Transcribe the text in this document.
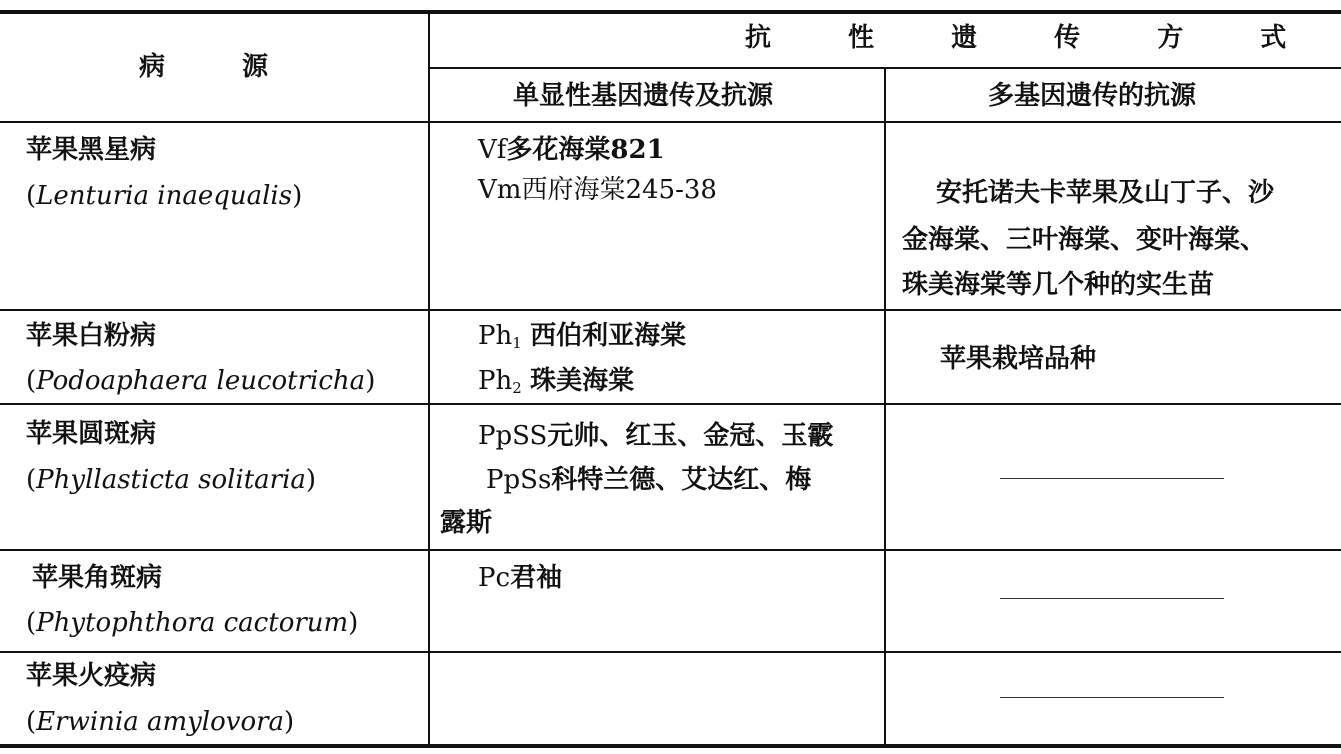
病 源
抗 性 遗 传 方 式
单显性基因遗传及抗源	多基因遗传的抗源
苹果黑星病
(Lenturia inaequalis)
Vf多花海棠821
Vm西府海棠245-38	安托诺夫卡苹果及山丁子、沙
金海棠、三叶海棠、变叶海棠、
珠美海棠等几个种的实生苗
苹果白粉病
(Podoaphaera leucotricha)
$Ph_1$ 西伯利亚海棠
$Ph_2$ 珠美海棠
苹果栽培品种
苹果圆斑病
(Phyllasticta solitaria)
PpSS元帅、红玉、金冠、玉霰
PpSs科特兰德、艾达红、梅
露斯
苹果角斑病
(Phytophthora cactorum)
Pc君袖
苹果火疫病
(Erwinia amylovora)
